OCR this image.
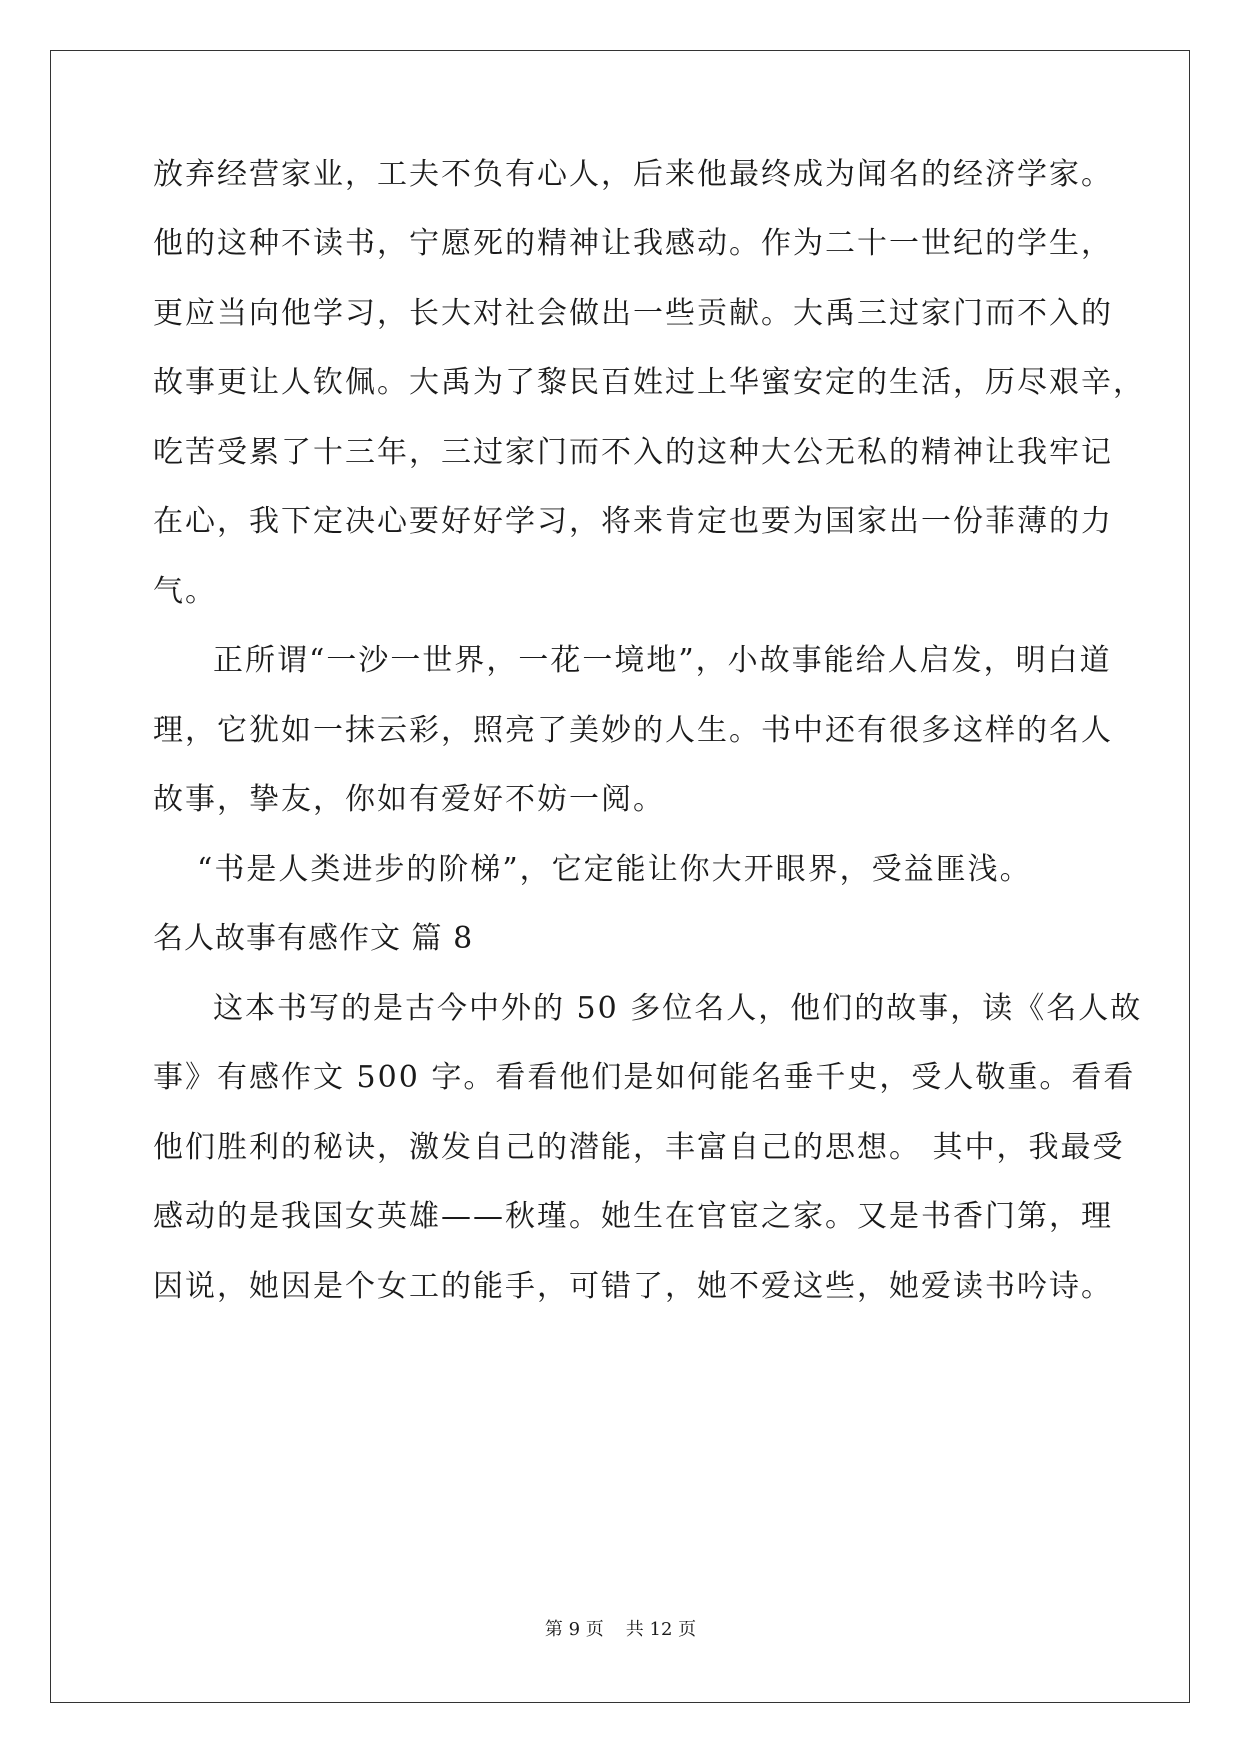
放弃经营家业，工夫不负有心人，后来他最终成为闻名的经济学家。
他的这种不读书，宁愿死的精神让我感动。作为二十一世纪的学生，
更应当向他学习，长大对社会做出一些贡献。大禹三过家门而不入的
故事更让人钦佩。大禹为了黎民百姓过上华蜜安定的生活，历尽艰辛，
吃苦受累了十三年，三过家门而不入的这种大公无私的精神让我牢记
在心，我下定决心要好好学习，将来肯定也要为国家出一份菲薄的力
气。
正所谓“一沙一世界，一花一境地”，小故事能给人启发，明白道
理，它犹如一抹云彩，照亮了美妙的人生。书中还有很多这样的名人
故事，挚友，你如有爱好不妨一阅。
“书是人类进步的阶梯”，它定能让你大开眼界，受益匪浅。
名人故事有感作文 篇 8
这本书写的是古今中外的 50 多位名人，他们的故事，读《名人故
事》有感作文 500 字。看看他们是如何能名垂千史，受人敬重。看看
他们胜利的秘诀，激发自己的潜能，丰富自己的思想。 其中，我最受
感动的是我国女英雄——秋瑾。她生在官宦之家。又是书香门第，理
因说，她因是个女工的能手，可错了，她不爱这些，她爱读书吟诗。
第 9 页 共 12 页
